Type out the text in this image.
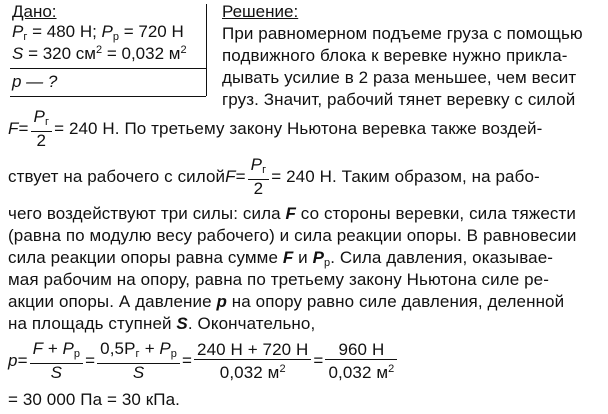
Дано:
$P_г = 480$ Н; $P_р = 720$ Н
S = 320 $см^2 = 0,032$ $м^2$
p — ?
Решение:
При равномерном подъеме груза с помощью
подвижного блока к веревке нужно прикла-
дывать усилие в 2 раза меньшее, чем весит
груз. Значит, рабочий тянет веревку с силой
$F = \frac{P_г}{2} = 240$ Н. По третьему закону Ньютона веревка также воздей-
ствует на рабочего с силой $F = \frac{P_г}{2} = 240$ Н. Таким образом, на рабо-
чего воздействуют три силы: сила F со стороны веревки, сила тяжести
(равна по модулю весу рабочего) и сила реакции опоры. В равновесии
сила реакции опоры равна сумме F и $P_р$. Сила давления, оказывае-
мая рабочим на опору, равна по третьему закону Ньютона силе ре-
акции опоры. А давление p на опору равно силе давления, деленной
на площадь ступней S. Окончательно,
$p = \frac{F + P_р}{S} = \frac{0,5P_г + P_р}{S} = \frac{240 Н + 720 Н}{0,032 м^2} = \frac{960 Н}{0,032 м^2}$
= 30 000 Па = 30 кПа.
